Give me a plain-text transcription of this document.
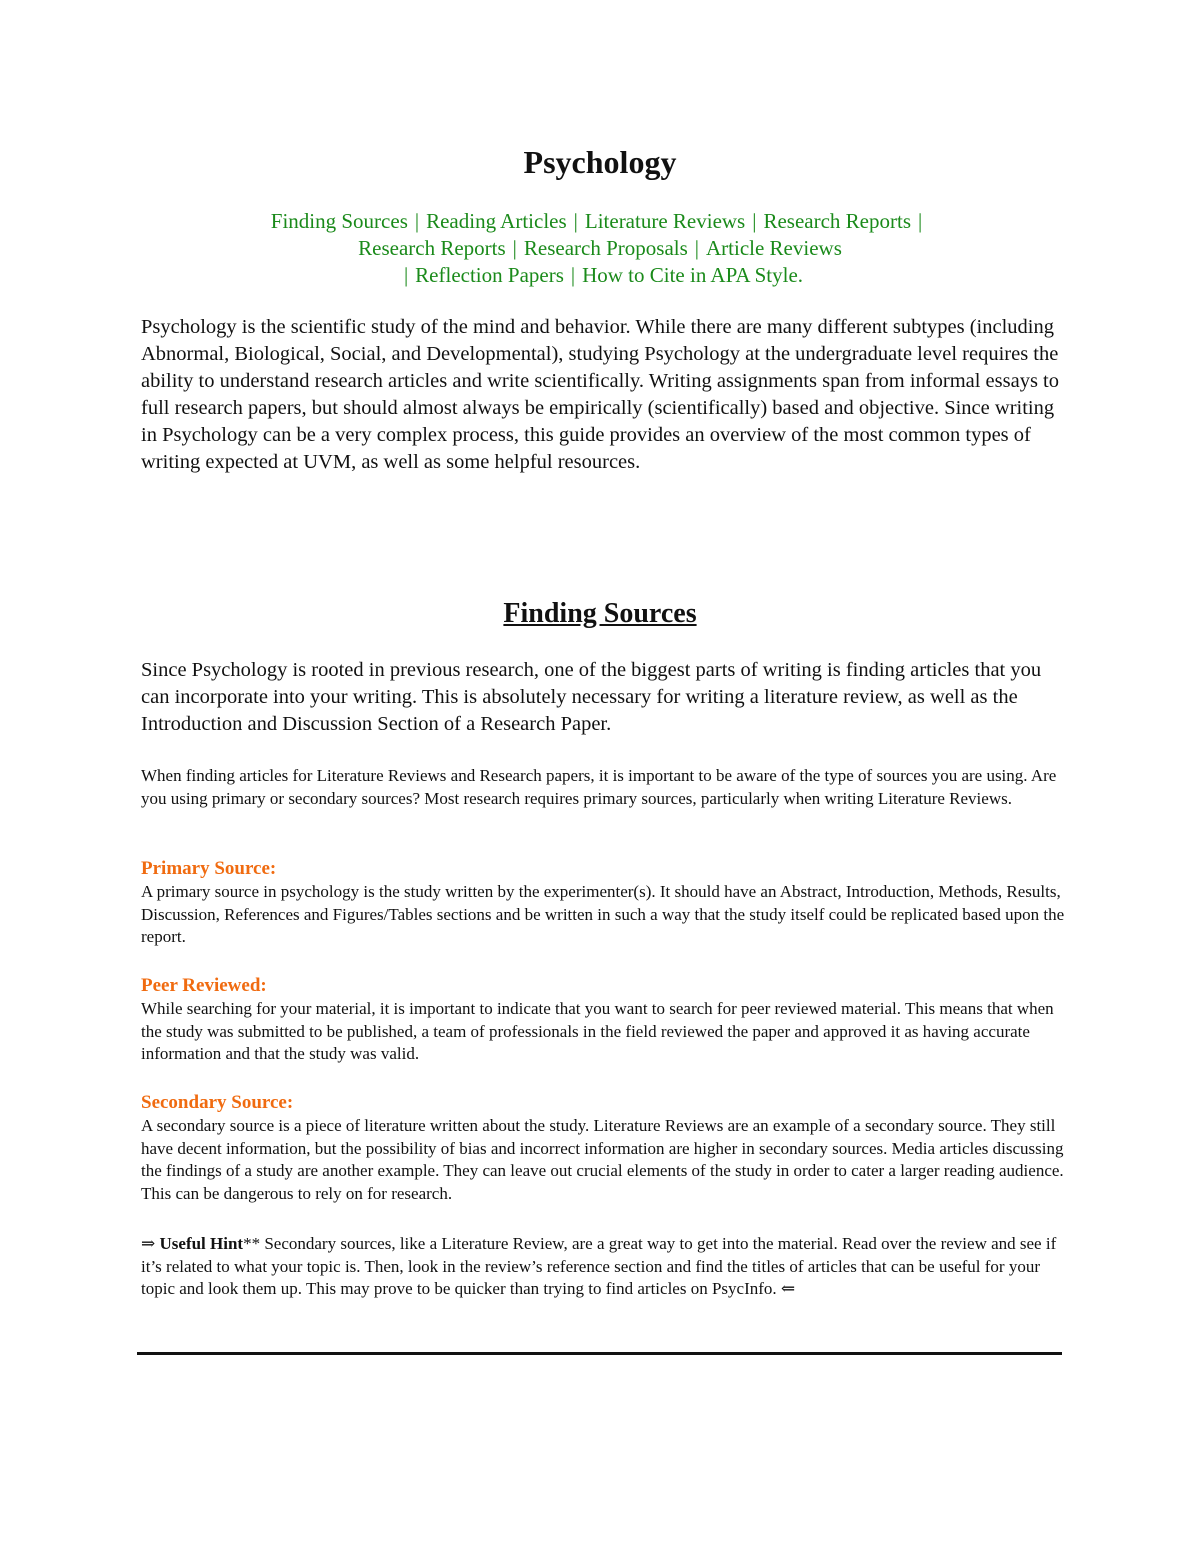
Psychology
Finding Sources | Reading Articles | Literature Reviews | Research Reports |
Research Reports | Research Proposals | Article Reviews
| Reflection Papers | How to Cite in APA Style.

Psychology is the scientific study of the mind and behavior. While there are many different subtypes (including Abnormal, Biological, Social, and Developmental), studying Psychology at the undergraduate level requires the ability to understand research articles and write scientifically. Writing assignments span from informal essays to full research papers, but should almost always be empirically (scientifically) based and objective. Since writing in Psychology can be a very complex process, this guide provides an overview of the most common types of writing expected at UVM, as well as some helpful resources.

Finding Sources

Since Psychology is rooted in previous research, one of the biggest parts of writing is finding articles that you can incorporate into your writing. This is absolutely necessary for writing a literature review, as well as the Introduction and Discussion Section of a Research Paper.

When finding articles for Literature Reviews and Research papers, it is important to be aware of the type of sources you are using. Are you using primary or secondary sources? Most research requires primary sources, particularly when writing Literature Reviews.

Primary Source:

A primary source in psychology is the study written by the experimenter(s). It should have an Abstract, Introduction, Methods, Results, Discussion, References and Figures/Tables sections and be written in such a way that the study itself could be replicated based upon the report.

Peer Reviewed:

While searching for your material, it is important to indicate that you want to search for peer reviewed material. This means that when the study was submitted to be published, a team of professionals in the field reviewed the paper and approved it as having accurate information and that the study was valid.

Secondary Source:

A secondary source is a piece of literature written about the study. Literature Reviews are an example of a secondary source. They still have decent information, but the possibility of bias and incorrect information are higher in secondary sources. Media articles discussing the findings of a study are another example. They can leave out crucial elements of the study in order to cater a larger reading audience. This can be dangerous to rely on for research.

⇒ Useful Hint** Secondary sources, like a Literature Review, are a great way to get into the material. Read over the review and see if it’s related to what your topic is. Then, look in the review’s reference section and find the titles of articles that can be useful for your topic and look them up. This may prove to be quicker than trying to find articles on PsycInfo. ⇐
